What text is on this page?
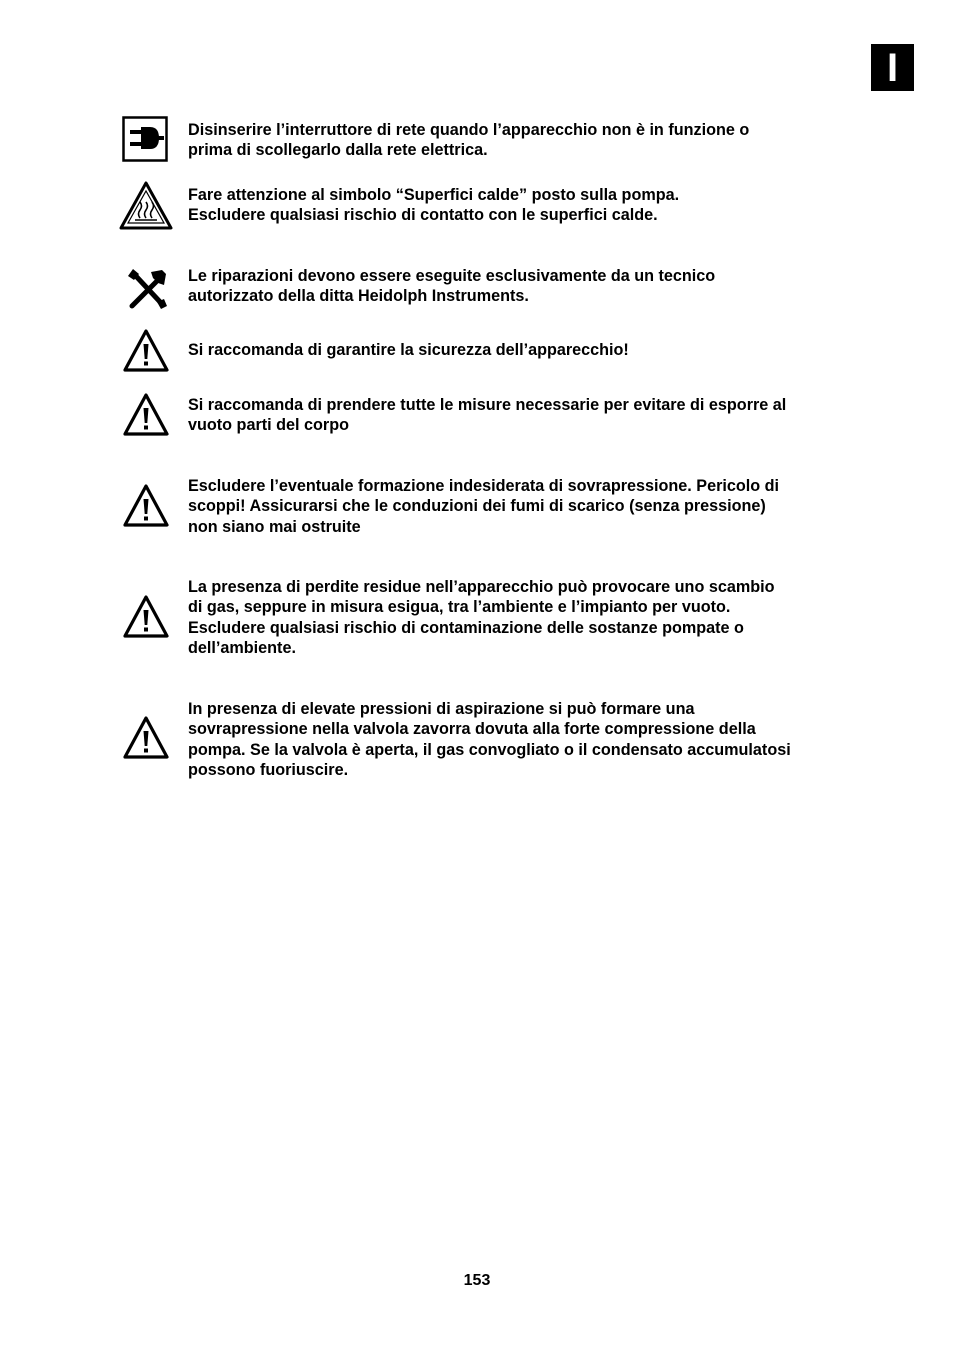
I
Disinserire l’interruttore di rete quando l’apparecchio non è in funzione o
prima di scollegarlo dalla rete elettrica.
Fare attenzione al simbolo “Superfici calde” posto sulla pompa.
Escludere qualsiasi rischio di contatto con le superfici calde.
Le riparazioni devono essere eseguite esclusivamente da un tecnico
autorizzato della ditta Heidolph Instruments.
Si raccomanda di garantire la sicurezza dell’apparecchio!
Si raccomanda di prendere tutte le misure necessarie per evitare di esporre al
vuoto parti del corpo
Escludere l’eventuale formazione indesiderata di sovrapressione. Pericolo di
scoppi! Assicurarsi che le conduzioni dei fumi di scarico (senza pressione)
non siano mai ostruite
La presenza di perdite residue nell’apparecchio può provocare uno scambio
di gas, seppure in misura esigua, tra l’ambiente e l’impianto per vuoto.
Escludere qualsiasi rischio di contaminazione delle sostanze pompate o
dell’ambiente.
In presenza di elevate pressioni di aspirazione si può formare una
sovrapressione nella valvola zavorra dovuta alla forte compressione della
pompa. Se la valvola è aperta, il gas convogliato o il condensato accumulatosi
possono fuoriuscire.
153
